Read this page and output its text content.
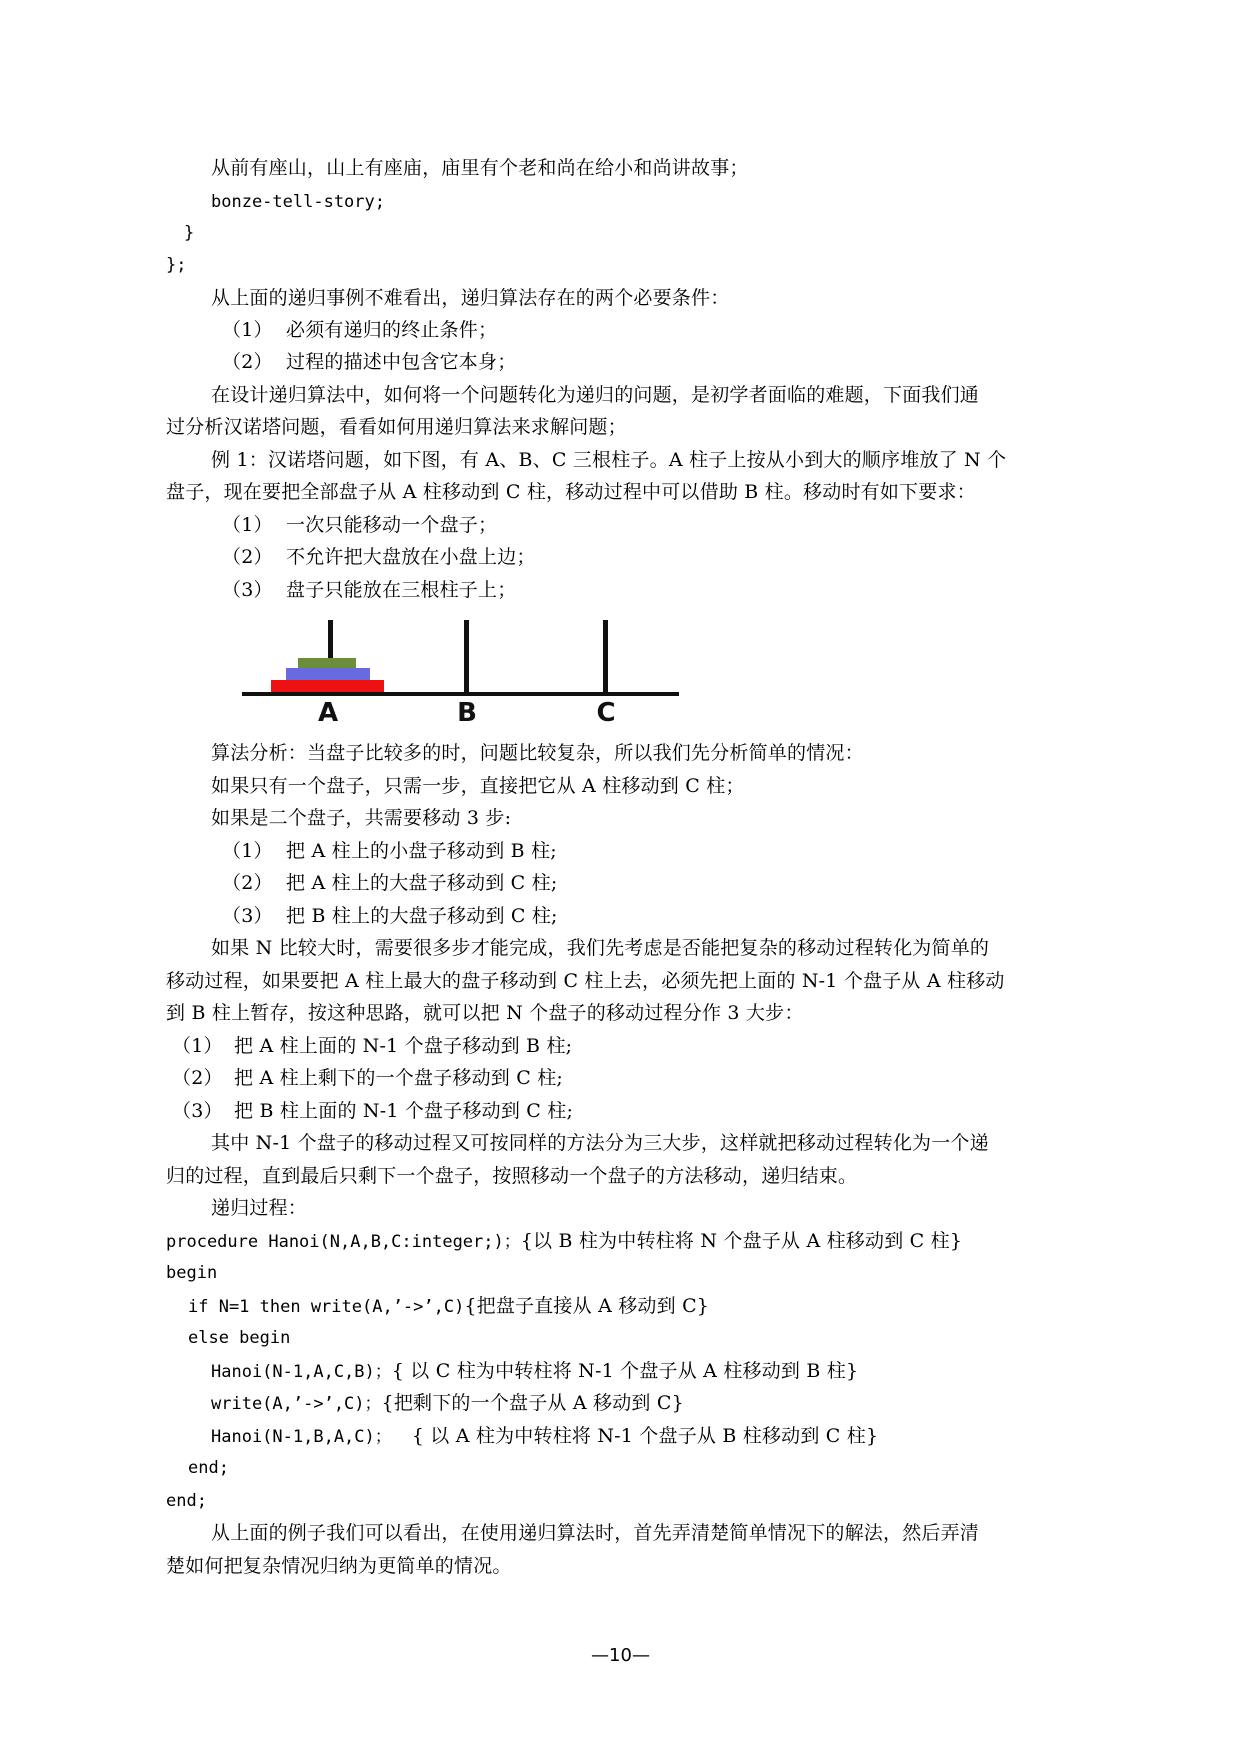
从前有座山，山上有座庙，庙里有个老和尚在给小和尚讲故事；
bonze-tell-story;
}
};
从上面的递归事例不难看出，递归算法存在的两个必要条件：
（1） 必须有递归的终止条件；
（2） 过程的描述中包含它本身；
在设计递归算法中，如何将一个问题转化为递归的问题，是初学者面临的难题，下面我们通
过分析汉诺塔问题，看看如何用递归算法来求解问题；
例 1：汉诺塔问题，如下图，有 A、B、C 三根柱子。A 柱子上按从小到大的顺序堆放了 N 个
盘子，现在要把全部盘子从 A 柱移动到 C 柱，移动过程中可以借助 B 柱。移动时有如下要求：
（1） 一次只能移动一个盘子；
（2） 不允许把大盘放在小盘上边；
（3） 盘子只能放在三根柱子上；
A	B	C
算法分析：当盘子比较多的时，问题比较复杂，所以我们先分析简单的情况：
如果只有一个盘子，只需一步，直接把它从 A 柱移动到 C 柱；
如果是二个盘子，共需要移动 3 步:
（1） 把 A 柱上的小盘子移动到 B 柱;
（2） 把 A 柱上的大盘子移动到 C 柱;
（3） 把 B 柱上的大盘子移动到 C 柱;
如果 N 比较大时，需要很多步才能完成，我们先考虑是否能把复杂的移动过程转化为简单的
移动过程，如果要把 A 柱上最大的盘子移动到 C 柱上去，必须先把上面的 N-1 个盘子从 A 柱移动
到 B 柱上暂存，按这种思路，就可以把 N 个盘子的移动过程分作 3 大步：
（1） 把 A 柱上面的 N-1 个盘子移动到 B 柱;
（2） 把 A 柱上剩下的一个盘子移动到 C 柱;
（3） 把 B 柱上面的 N-1 个盘子移动到 C 柱;
其中 N-1 个盘子的移动过程又可按同样的方法分为三大步，这样就把移动过程转化为一个递
归的过程，直到最后只剩下一个盘子，按照移动一个盘子的方法移动，递归结束。
递归过程：
procedure Hanoi(N,A,B,C:integer;)；{以 B 柱为中转柱将 N 个盘子从 A 柱移动到 C 柱}
begin
if N=1 then write(A,’->’,C){把盘子直接从 A 移动到 C}
else begin
Hanoi(N-1,A,C,B)；{ 以 C 柱为中转柱将 N-1 个盘子从 A 柱移动到 B 柱}
write(A,’->’,C)；{把剩下的一个盘子从 A 移动到 C}
Hanoi(N-1,B,A,C)； { 以 A 柱为中转柱将 N-1 个盘子从 B 柱移动到 C 柱}
end;
end;
从上面的例子我们可以看出，在使用递归算法时，首先弄清楚简单情况下的解法，然后弄清
楚如何把复杂情况归纳为更简单的情况。
—10—
